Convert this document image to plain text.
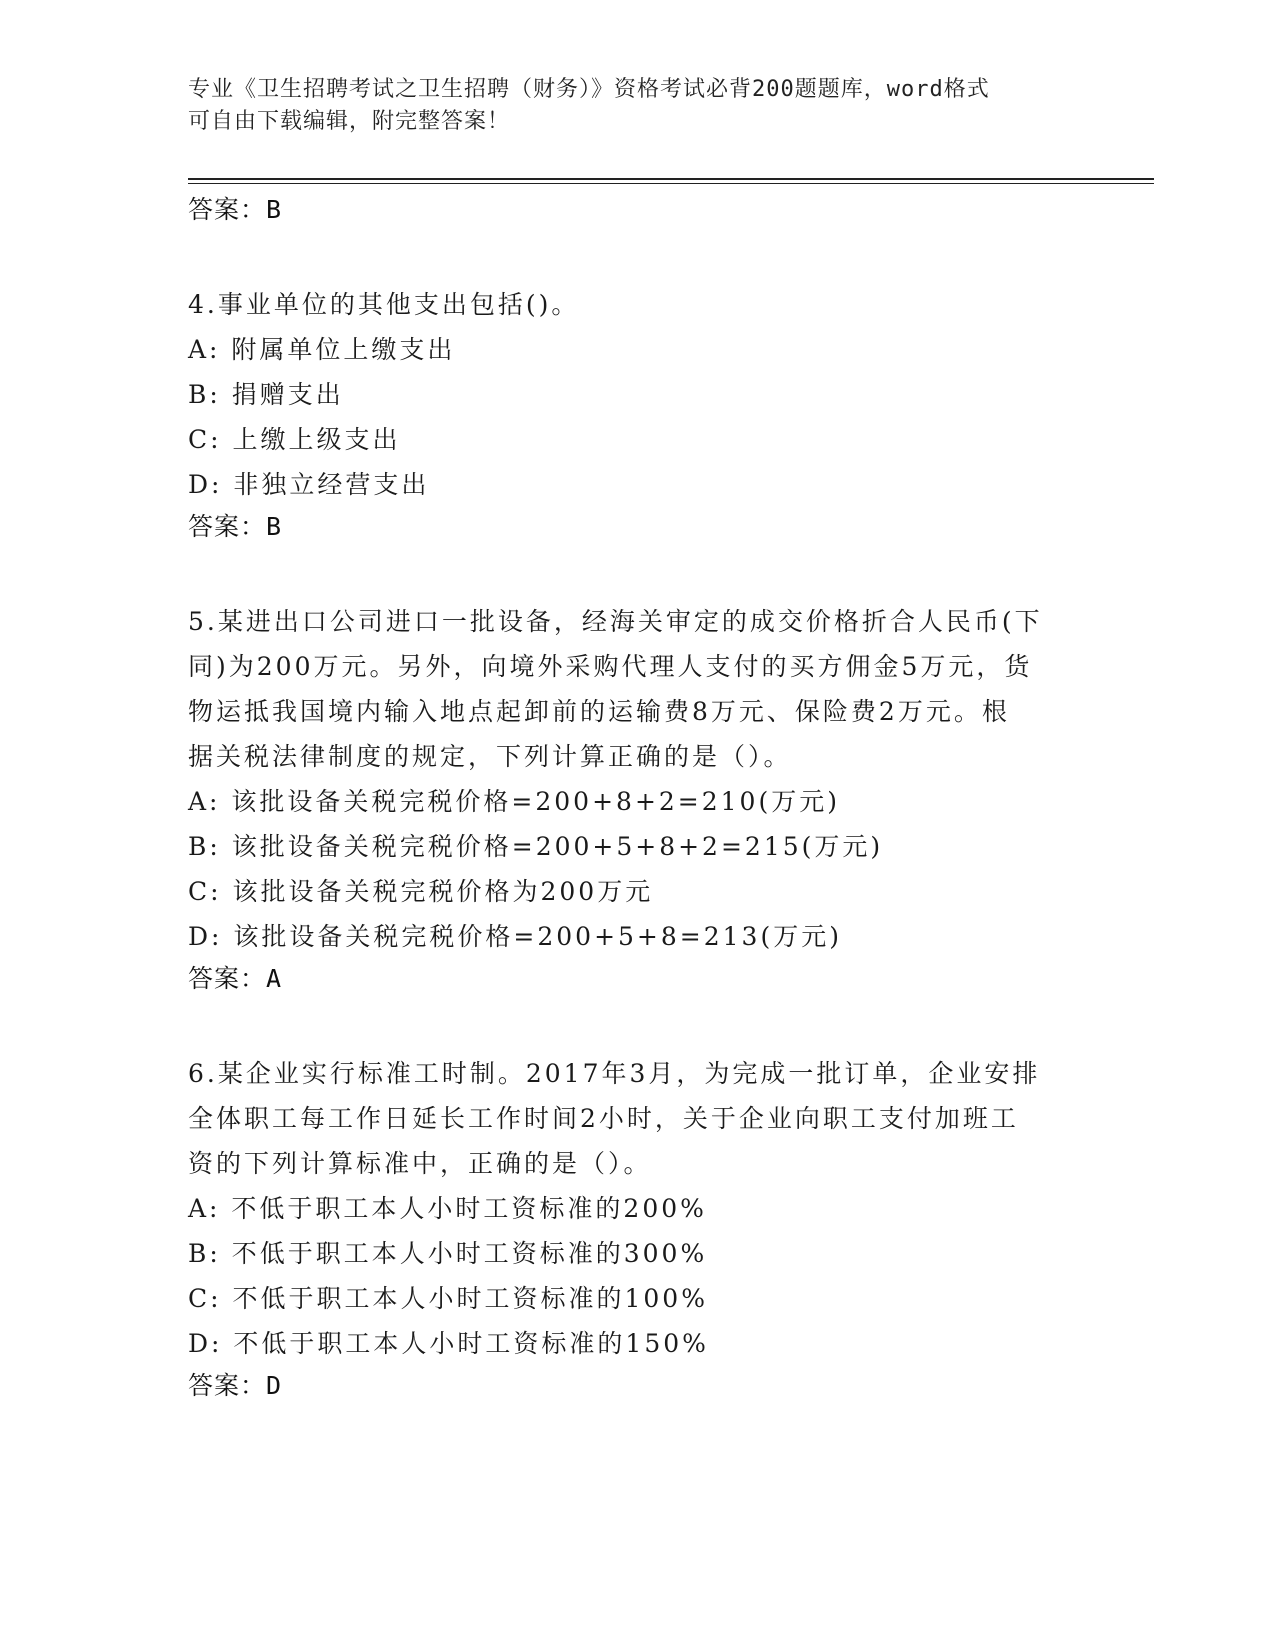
专业《卫生招聘考试之卫生招聘（财务）》资格考试必背200题题库，word格式
可自由下载编辑，附完整答案！
答案：B
4.事业单位的其他支出包括()。
A: 附属单位上缴支出
B: 捐赠支出
C: 上缴上级支出
D: 非独立经营支出
答案：B
5.某进出口公司进口一批设备，经海关审定的成交价格折合人民币(下
同)为200万元。另外，向境外采购代理人支付的买方佣金5万元，货
物运抵我国境内输入地点起卸前的运输费8万元、保险费2万元。根
据关税法律制度的规定，下列计算正确的是（）。
A: 该批设备关税完税价格=200+8+2=210(万元)
B: 该批设备关税完税价格=200+5+8+2=215(万元)
C: 该批设备关税完税价格为200万元
D: 该批设备关税完税价格=200+5+8=213(万元)
答案：A
6.某企业实行标准工时制。2017年3月，为完成一批订单，企业安排
全体职工每工作日延长工作时间2小时，关于企业向职工支付加班工
资的下列计算标准中，正确的是（）。
A: 不低于职工本人小时工资标准的200%
B: 不低于职工本人小时工资标准的300%
C: 不低于职工本人小时工资标准的100%
D: 不低于职工本人小时工资标准的150%
答案：D
